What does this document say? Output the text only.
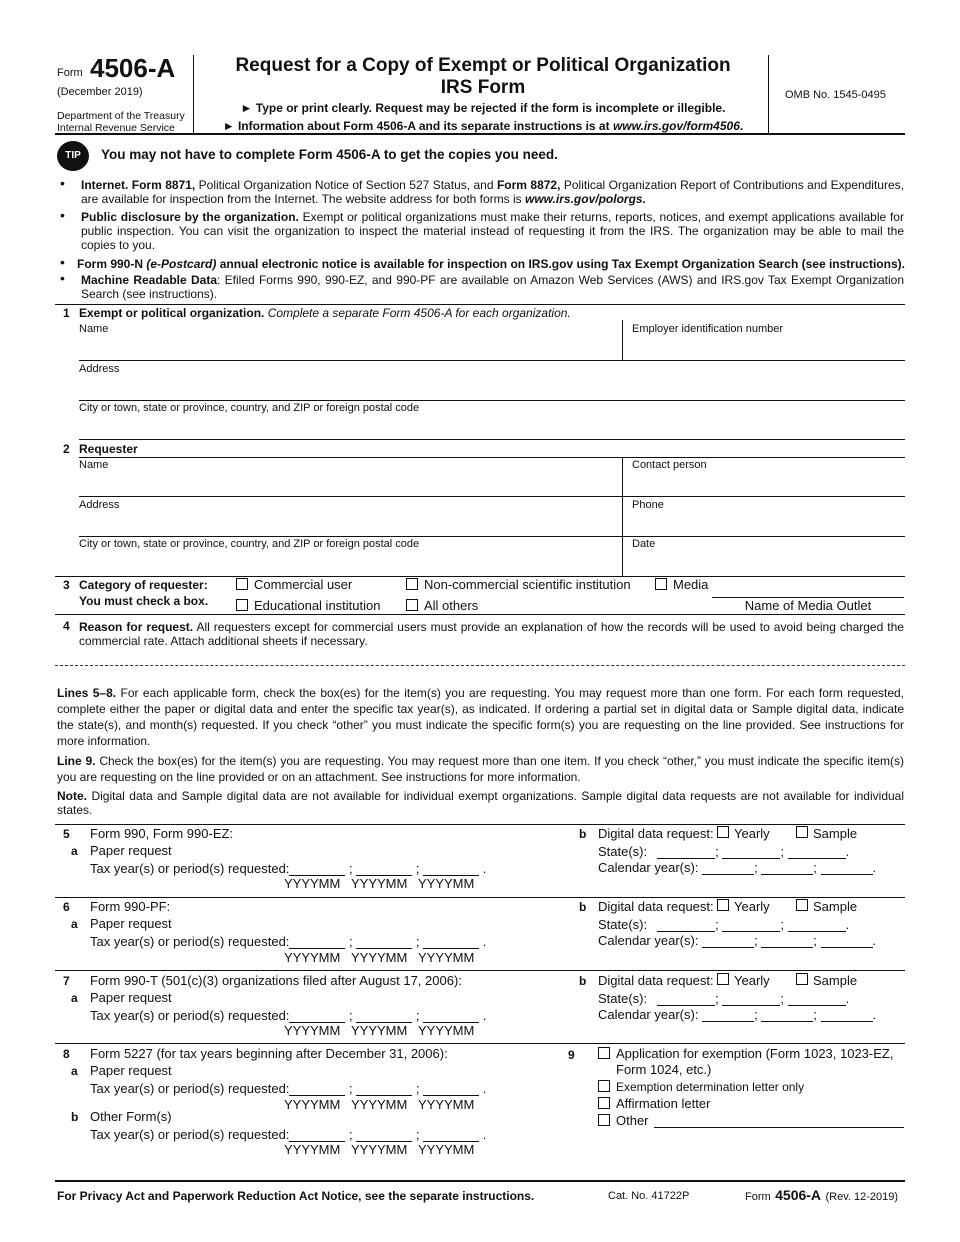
Form 4506-A
(December 2019)
Department of the Treasury
Internal Revenue Service
Request for a Copy of Exempt or Political Organization
IRS Form
► Type or print clearly. Request may be rejected if the form is incomplete or illegible.
► Information about Form 4506-A and its separate instructions is at www.irs.gov/form4506.
OMB No. 1545-0495
TIP	You may not have to complete Form 4506-A to get the copies you need.
• Internet. Form 8871, Political Organization Notice of Section 527 Status, and Form 8872, Political Organization Report of Contributions and Expenditures, are available for inspection from the Internet. The website address for both forms is www.irs.gov/polorgs.
• Public disclosure by the organization. Exempt or political organizations must make their returns, reports, notices, and exempt applications available for public inspection. You can visit the organization to inspect the material instead of requesting it from the IRS. The organization may be able to mail the copies to you.
• Form 990-N (e-Postcard) annual electronic notice is available for inspection on IRS.gov using Tax Exempt Organization Search (see instructions).
• Machine Readable Data: Efiled Forms 990, 990-EZ, and 990-PF are available on Amazon Web Services (AWS) and IRS.gov Tax Exempt Organization Search (see instructions).
1 Exempt or political organization. Complete a separate Form 4506-A for each organization.
Name	Employer identification number
Address
City or town, state or province, country, and ZIP or foreign postal code
2 Requester
Name	Contact person
Address	Phone
City or town, state or province, country, and ZIP or foreign postal code	Date
3 Category of requester:
You must check a box.
Commercial user	Non-commercial scientific institution	Media
Educational institution	All others	Name of Media Outlet
4 Reason for request. All requesters except for commercial users must provide an explanation of how the records will be used to avoid being charged the commercial rate. Attach additional sheets if necessary.
Lines 5–8. For each applicable form, check the box(es) for the item(s) you are requesting. You may request more than one form. For each form requested, complete either the paper or digital data and enter the specific tax year(s), as indicated. If ordering a partial set in digital data or Sample digital data, indicate the state(s), and month(s) requested. If you check “other” you must indicate the specific form(s) you are requesting on the line provided. See instructions for more information.
Line 9. Check the box(es) for the item(s) you are requesting. You may request more than one item. If you check “other,” you must indicate the specific item(s) you are requesting on the line provided or on an attachment. See instructions for more information.
Note. Digital data and Sample digital data are not available for individual exempt organizations. Sample digital data requests are not available for individual states.
5 Form 990, Form 990-EZ:
a Paper request
Tax year(s) or period(s) requested:	;	;	.
YYYYMM YYYYMM YYYYMM
b Digital data request: Yearly	Sample
State(s):	;	;	.
Calendar year(s):	;	;	.
6 Form 990-PF:
a Paper request
Tax year(s) or period(s) requested:	;	;	.
YYYYMM YYYYMM YYYYMM
b Digital data request: Yearly	Sample
State(s):	;	;	.
Calendar year(s):	;	;	.
7 Form 990-T (501(c)(3) organizations filed after August 17, 2006):
a Paper request
Tax year(s) or period(s) requested:	;	;	.
YYYYMM YYYYMM YYYYMM
b Digital data request: Yearly	Sample
State(s):	;	;	.
Calendar year(s):	;	;	.
8 Form 5227 (for tax years beginning after December 31, 2006):
a Paper request
Tax year(s) or period(s) requested:	;	;	.
YYYYMM YYYYMM YYYYMM
b Other Form(s)
Tax year(s) or period(s) requested:	;	;	.
YYYYMM YYYYMM YYYYMM
9	Application for exemption (Form 1023, 1023-EZ,
Form 1024, etc.)
Exemption determination letter only
Affirmation letter
Other
For Privacy Act and Paperwork Reduction Act Notice, see the separate instructions.	Cat. No. 41722P	Form 4506-A (Rev. 12-2019)
